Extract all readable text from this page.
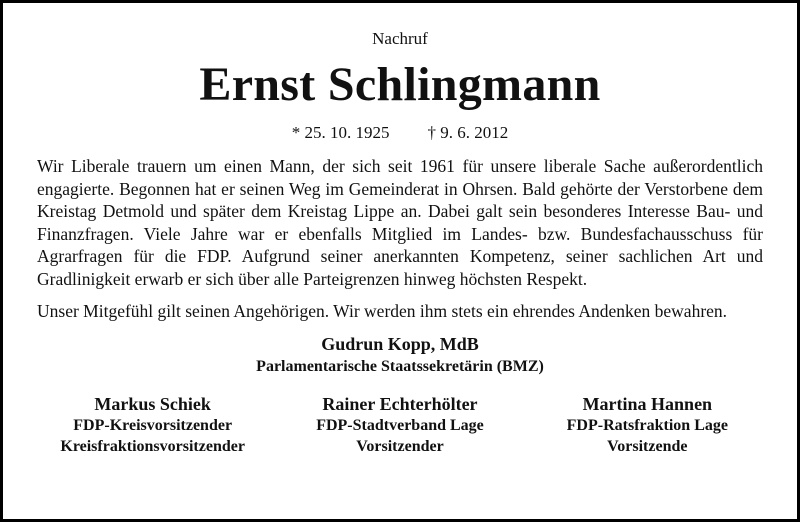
Nachruf
Ernst Schlingmann
* 25. 10. 1925 † 9. 6. 2012

Wir Liberale trauern um einen Mann, der sich seit 1961 für unsere liberale Sache außerordentlich engagierte. Begonnen hat er seinen Weg im Gemeinderat in Ohrsen. Bald gehörte der Verstorbene dem Kreistag Detmold und später dem Kreistag Lippe an. Dabei galt sein besonderes Interesse Bau- und Finanzfragen. Viele Jahre war er ebenfalls Mitglied im Landes- bzw. Bundesfachausschuss für Agrarfragen für die FDP. Aufgrund seiner anerkannten Kompetenz, seiner sachlichen Art und Gradlinigkeit erwarb er sich über alle Parteigrenzen hinweg höchsten Respekt.

Unser Mitgefühl gilt seinen Angehörigen. Wir werden ihm stets ein ehrendes Andenken bewahren.

Gudrun Kopp, MdB
Parlamentarische Staatssekretärin (BMZ)
Markus Schiek
FDP-Kreisvorsitzender
Kreisfraktionsvorsitzender
Rainer Echterhölter
FDP-Stadtverband Lage
Vorsitzender
Martina Hannen
FDP-Ratsfraktion Lage
Vorsitzende
